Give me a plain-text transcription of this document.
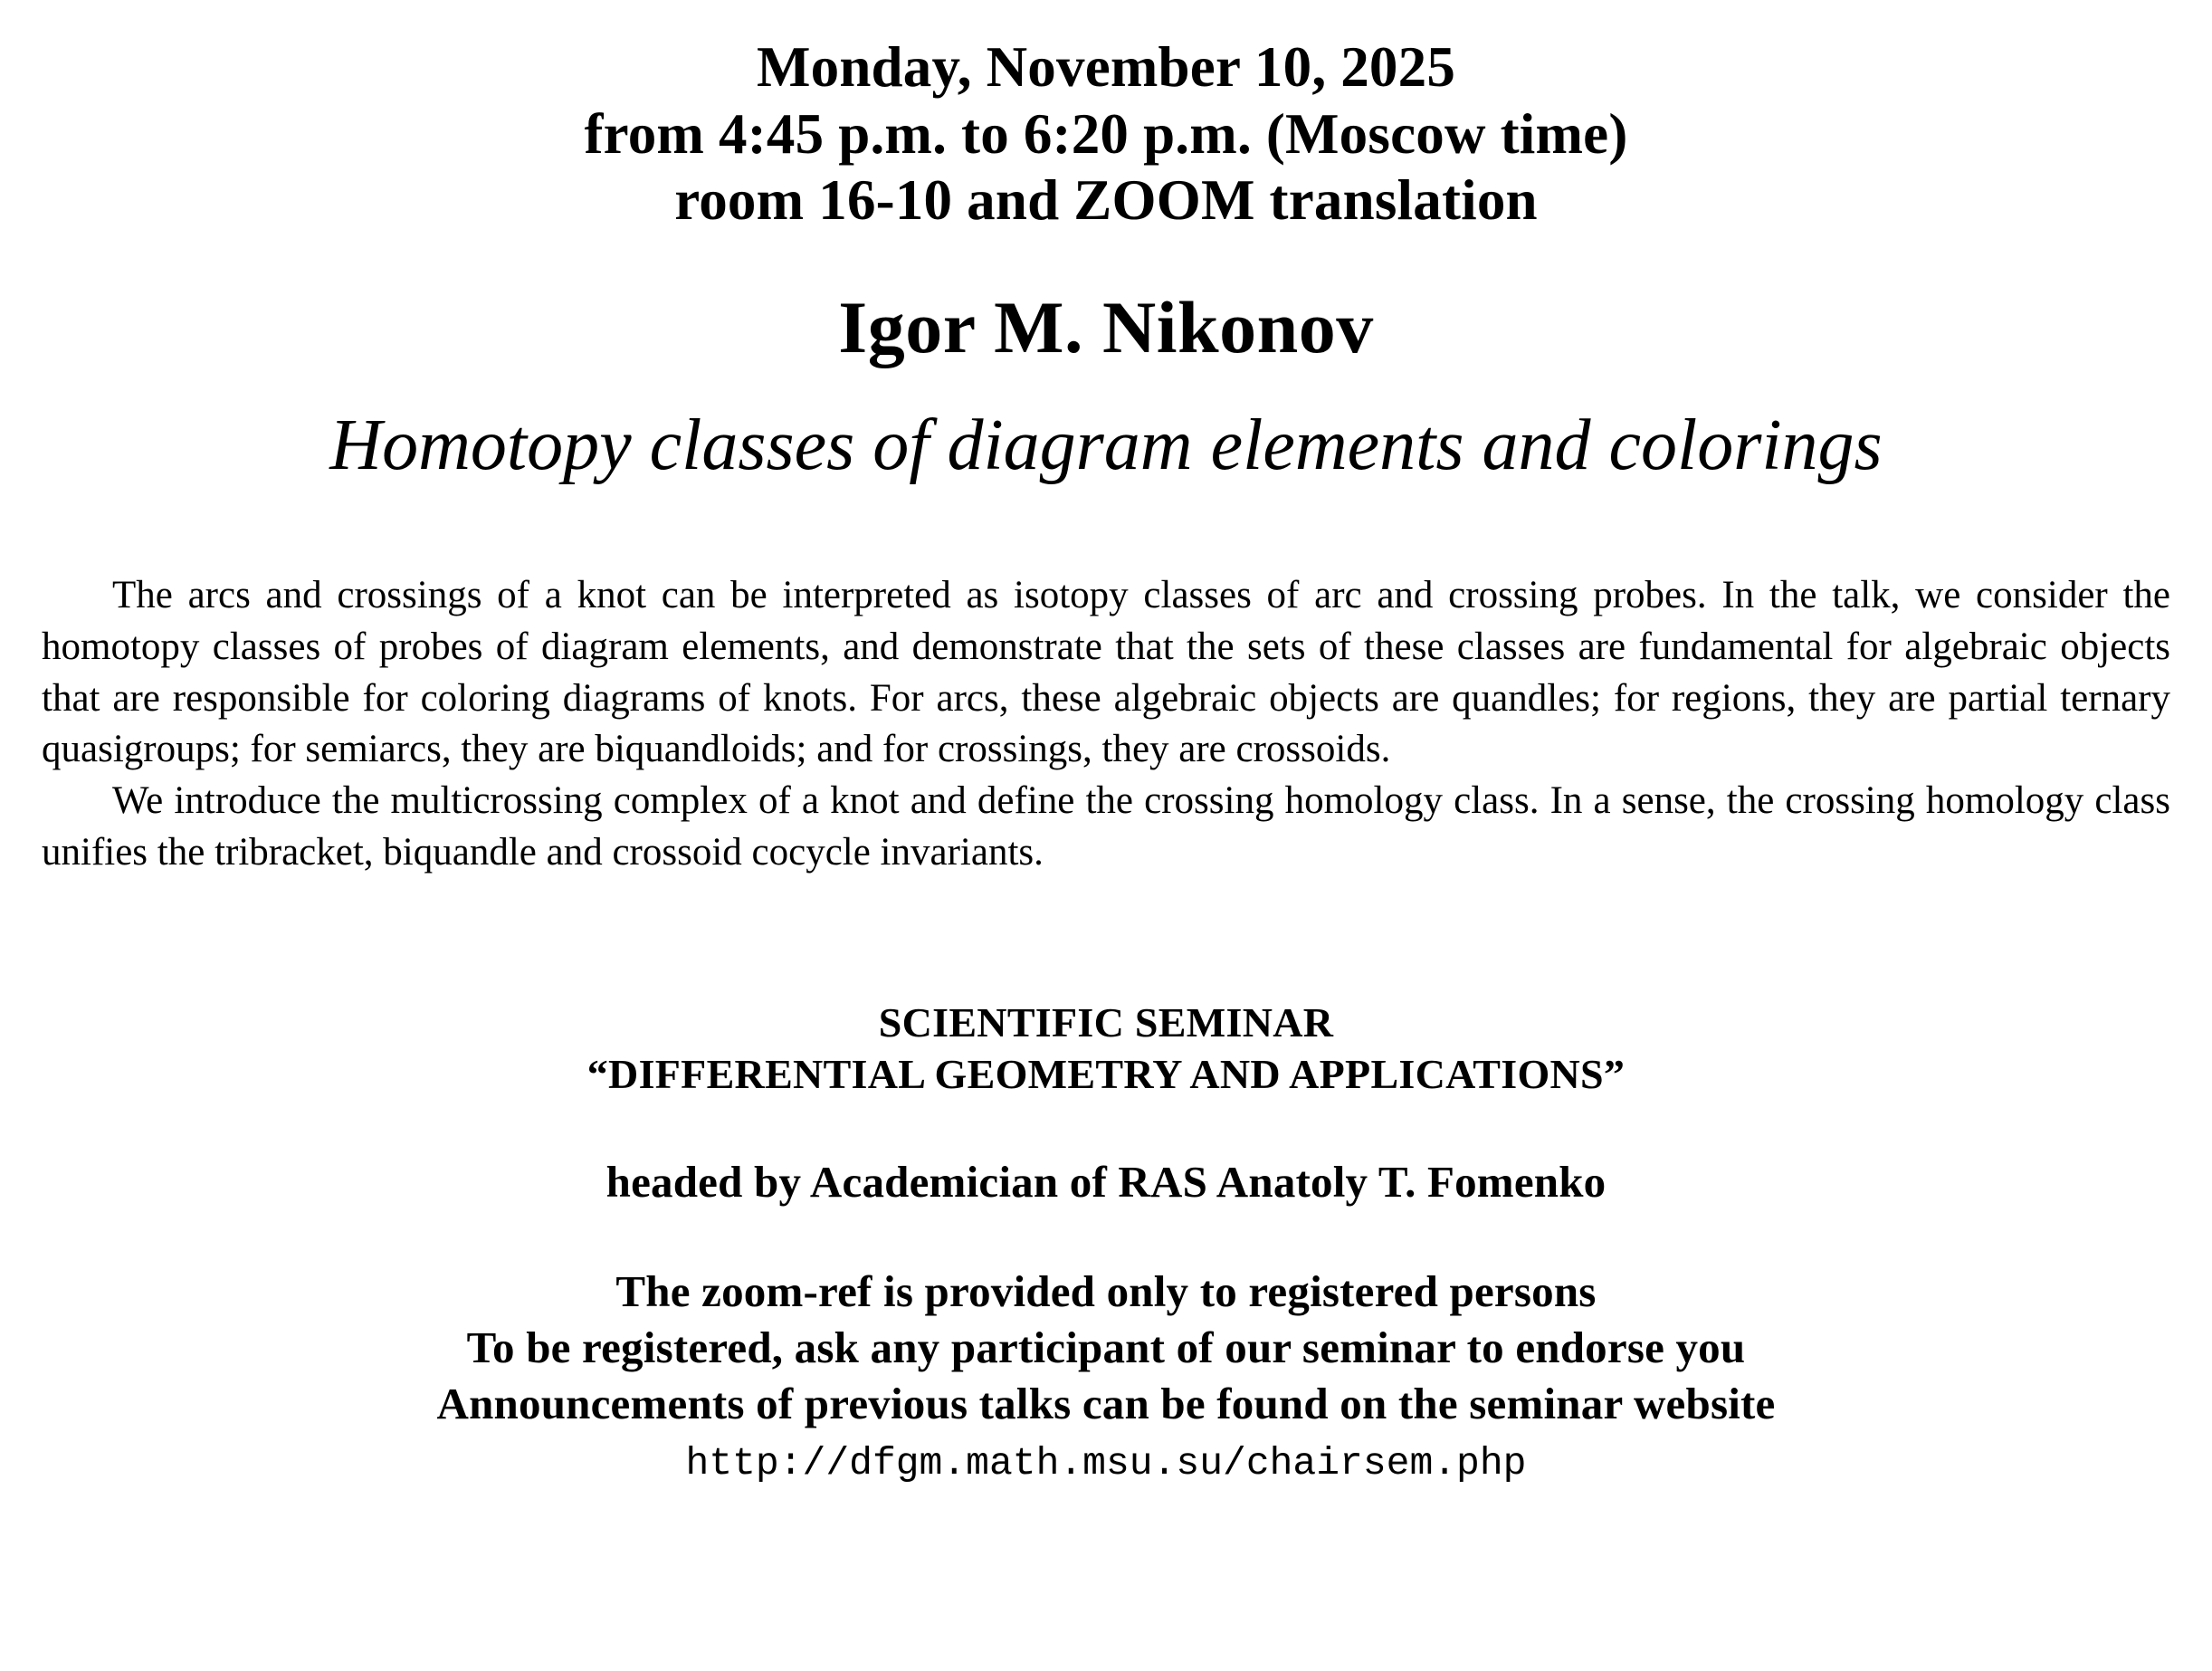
Monday, November 10, 2025
from 4:45 p.m. to 6:20 p.m. (Moscow time)
room 16-10 and ZOOM translation
Igor M. Nikonov
Homotopy classes of diagram elements and colorings

The arcs and crossings of a knot can be interpreted as isotopy classes of arc and crossing probes. In the talk, we consider the homotopy classes of probes of diagram elements, and demonstrate that the sets of these classes are fundamental for algebraic objects that are responsible for coloring diagrams of knots. For arcs, these algebraic objects are quandles; for regions, they are partial ternary quasigroups; for semiarcs, they are biquandloids; and for crossings, they are crossoids.

We introduce the multicrossing complex of a knot and define the crossing homology class. In a sense, the crossing homology class unifies the tribracket, biquandle and crossoid cocycle invariants.

SCIENTIFIC SEMINAR
“DIFFERENTIAL GEOMETRY AND APPLICATIONS”
headed by Academician of RAS Anatoly T. Fomenko
The zoom-ref is provided only to registered persons
To be registered, ask any participant of our seminar to endorse you
Announcements of previous talks can be found on the seminar website
http://dfgm.math.msu.su/chairsem.php
